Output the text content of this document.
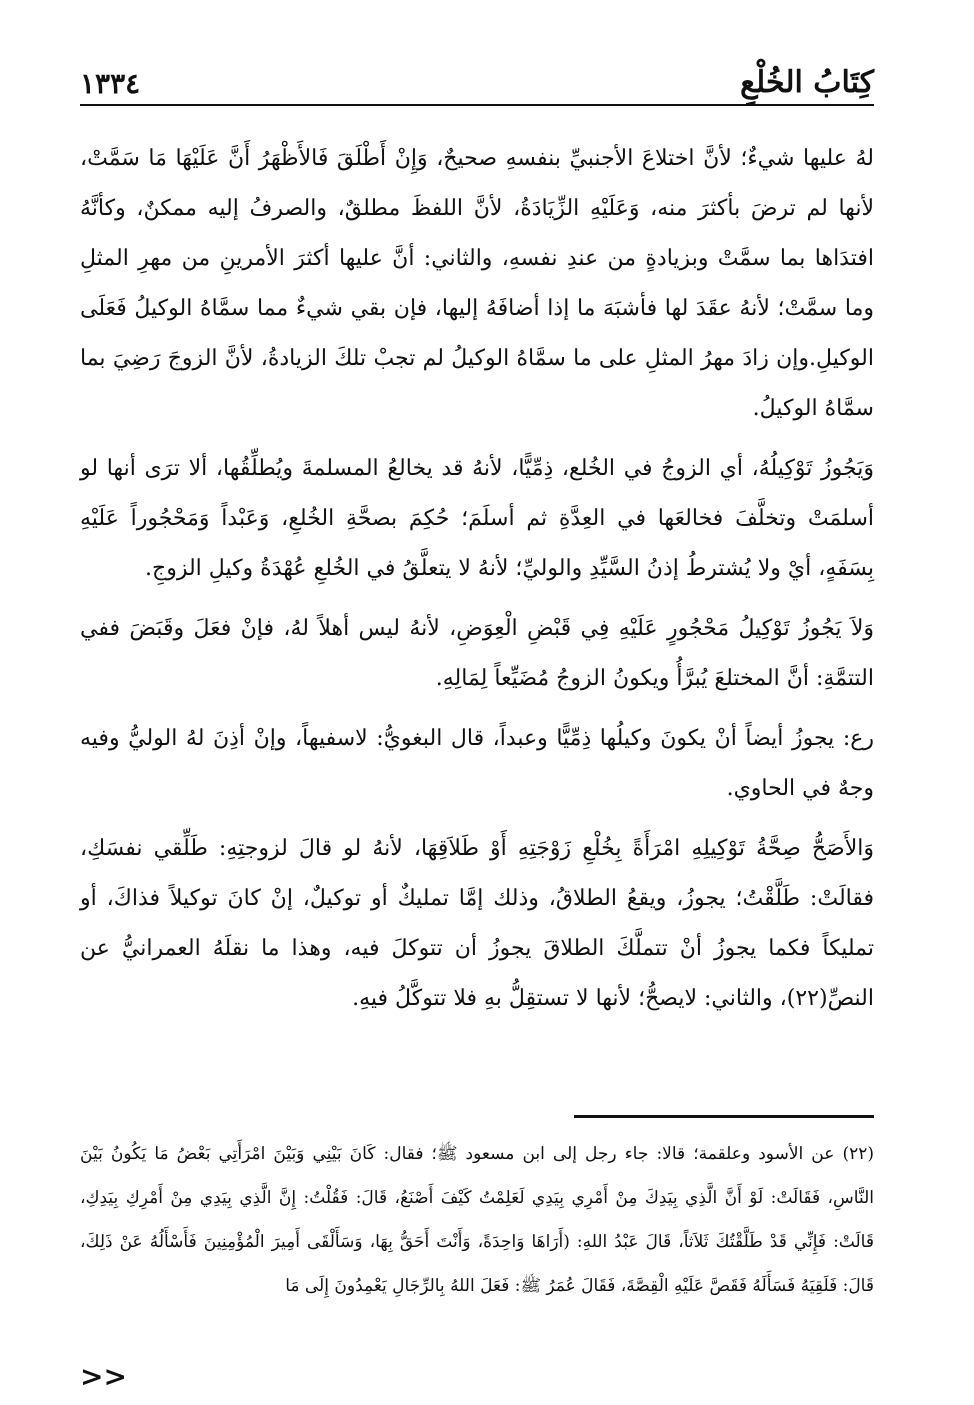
كِتَابُ الخُلْعِ
١٣٣٤

لهُ عليها شيءٌ؛ لأنَّ اختلاعَ الأجنبيِّ بنفسهِ صحيحٌ، وَإِنْ أَطْلَقَ فَالأَظْهَرُ أَنَّ عَلَيْهَا مَا سَمَّتْ، لأنها لم ترضَ بأكثرَ منه، وَعَلَيْهِ الزِّيَادَةُ، لأنَّ اللفظَ مطلقٌ، والصرفُ إليه ممكنٌ، وكأنَّهُ افتدَاها بما سمَّتْ وبزيادةٍ من عندِ نفسهِ، والثاني: أنَّ عليها أكثرَ الأمرينِ من مهرِ المثلِ وما سمَّتْ؛ لأنهُ عقَدَ لها فأشبَهَ ما إذا أضافَهُ إليها، فإن بقي شيءٌ مما سمَّاهُ الوكيلُ فَعَلَى الوكيلِ.وإن زادَ مهرُ المثلِ على ما سمَّاهُ الوكيلُ لم تجبْ تلكَ الزيادةُ، لأنَّ الزوجَ رَضِيَ بما سمَّاهُ الوكيلُ.

وَيَجُوزُ تَوْكِيلُهُ، أي الزوجُ في الخُلع، ذِمِّيًّا، لأنهُ قد يخالعُ المسلمةَ ويُطلِّقُها، ألا ترَى أنها لو أسلمَتْ وتخلَّفَ فخالعَها في العِدَّةِ ثم أسلَمَ؛ حُكِمَ بصحَّةِ الخُلعِ، وَعَبْداً وَمَحْجُوراً عَلَيْهِ بِسَفَهٍ، أيْ ولا يُشترطُ إذنُ السَّيِّدِ والوليِّ؛ لأنهُ لا يتعلَّقُ في الخُلعِ عُهْدَةُ وكيلِ الزوجِ.

وَلاَ يَجُوزُ تَوْكِيلُ مَحْجُورٍ عَلَيْهِ فِي قَبْضِ الْعِوَضِ، لأنهُ ليس أهلاً لهُ، فإنْ فعَلَ وقَبَضَ ففي التتمَّةِ: أنَّ المختلعَ يُبرَّأُ ويكونُ الزوجُ مُضَيِّعاً لِمَالِهِ.

رع: يجوزُ أيضاً أنْ يكونَ وكيلُها ذِمِّيًّا وعبداً، قال البغويُّ: لاسفيهاً، وإنْ أذِنَ لهُ الوليُّ وفيه وجهٌ في الحاوي.

وَالأَصَحُّ صِحَّةُ تَوْكِيلِهِ امْرَأَةً بِخُلْعِ زَوْجَتِهِ أَوْ طَلاَقِهَا، لأنهُ لو قالَ لزوجتِهِ: طَلِّقي نفسَكِ، فقالَتْ: طَلَّقْتُ؛ يجوزُ، ويقعُ الطلاقُ، وذلك إمَّا تمليكٌ أو توكيلٌ، إنْ كانَ توكيلاً فذاكَ، أو تمليكاً فكما يجوزُ أنْ تتملَّكَ الطلاقَ يجوزُ أن تتوكلَ فيه، وهذا ما نقلَهُ العمرانيُّ عن النصِّ(٢٢)، والثاني: لايصحُّ؛ لأنها لا تستقِلُّ بهِ فلا تتوكَّلُ فيهِ.

(٢٢) عن الأسود وعلقمة؛ قالا: جاء رجل إلى ابن مسعود ﷺ؛ فقال: كَانَ بَيْنِي وَبَيْنَ امْرَأَتِي بَعْضُ مَا يَكُونُ بَيْنَ النَّاسِ، فَقَالَتْ: لَوْ أَنَّ الَّذِي بِيَدِكَ مِنْ أَمْرِي بِيَدِي لَعَلِمْتُ كَيْفَ أَصْنَعُ، قَالَ: فَقُلْتُ: إِنَّ الَّذِي بِيَدِي مِنْ أَمْرِكِ بِيَدِكِ، قَالَتْ: فَإِنِّي قَدْ طَلَّقْتُكَ ثَلاَثاً، قَالَ عَبْدُ اللهِ: (أَرَاهَا وَاحِدَةً، وَأَنْتَ أَحَقُّ بِهَا، وَسَأَلْقَى أَمِيرَ الْمُؤْمِنِينَ فَأَسْأَلُهُ عَنْ ذَلِكَ، قَالَ: فَلَقِيَهُ فَسَأَلَهُ فَقَصَّ عَلَيْهِ الْقِصَّةَ، فَقَالَ عُمَرُ ﷺ: فَعَلَ اللهُ بِالرِّجَالِ يَعْمِدُونَ إِلَى مَا

<<
